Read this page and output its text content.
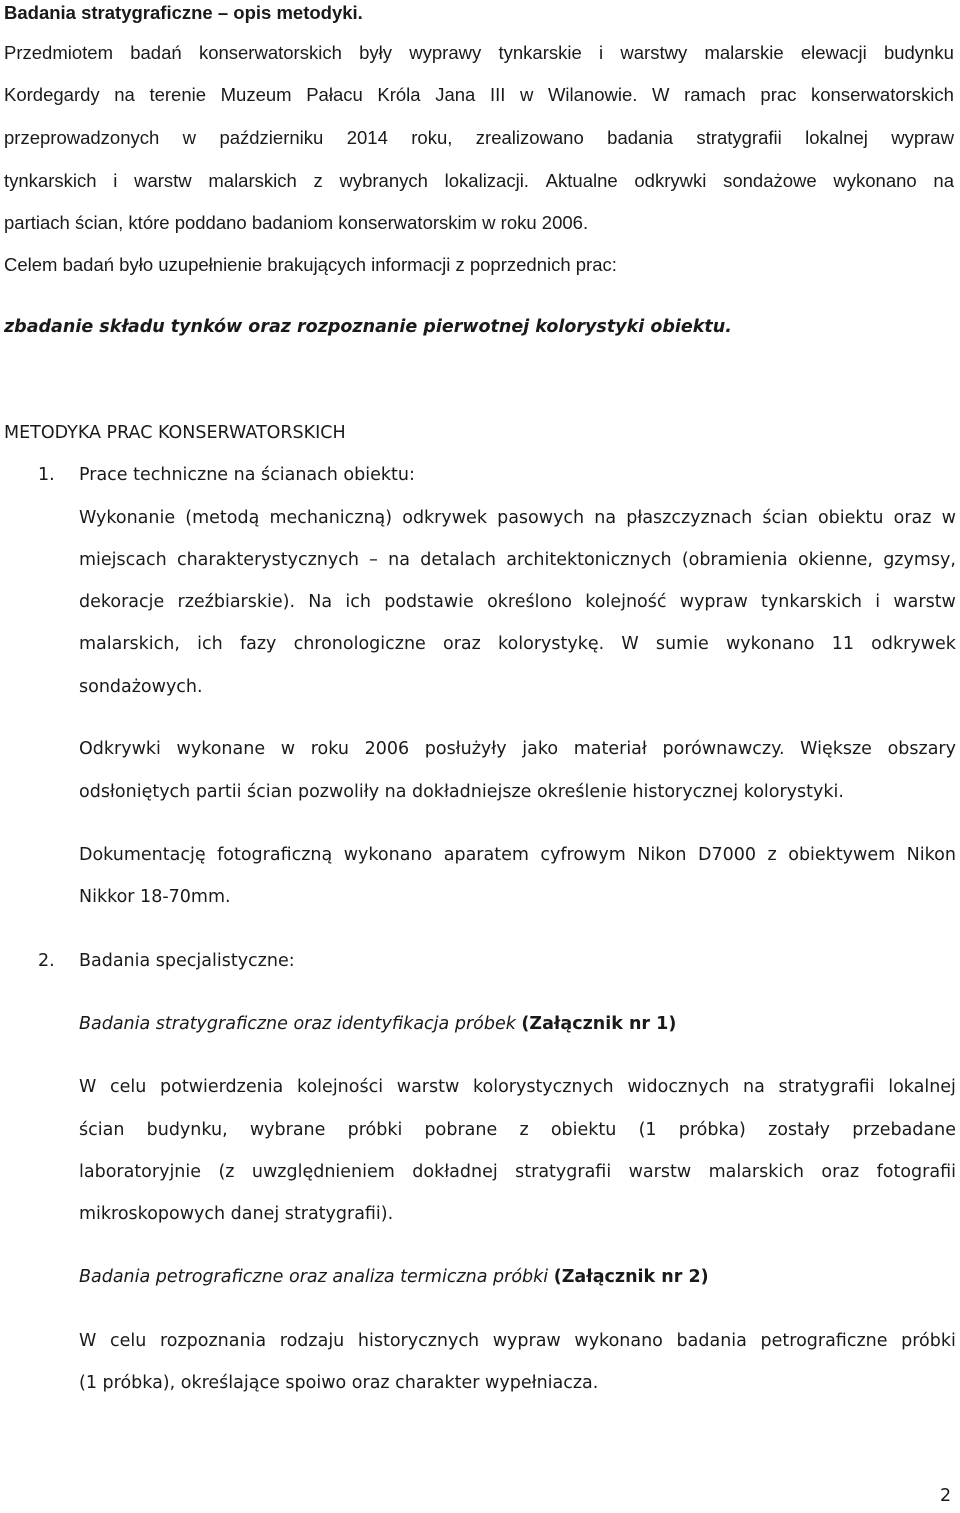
Badania stratygraficzne – opis metodyki.
Przedmiotem badań konserwatorskich były wyprawy tynkarskie i warstwy malarskie elewacji budynku
Kordegardy na terenie Muzeum Pałacu Króla Jana III w Wilanowie. W ramach prac konserwatorskich
przeprowadzonych w październiku 2014 roku, zrealizowano badania stratygrafii lokalnej wypraw
tynkarskich i warstw malarskich z wybranych lokalizacji. Aktualne odkrywki sondażowe wykonano na
partiach ścian, które poddano badaniom konserwatorskim w roku 2006.
Celem badań było uzupełnienie brakujących informacji z poprzednich prac:
zbadanie składu tynków oraz rozpoznanie pierwotnej kolorystyki obiektu.
METODYKA PRAC KONSERWATORSKICH
1. Prace techniczne na ścianach obiektu:
Wykonanie (metodą mechaniczną) odkrywek pasowych na płaszczyznach ścian obiektu oraz w
miejscach charakterystycznych – na detalach architektonicznych (obramienia okienne, gzymsy,
dekoracje rzeźbiarskie). Na ich podstawie określono kolejność wypraw tynkarskich i warstw
malarskich, ich fazy chronologiczne oraz kolorystykę. W sumie wykonano 11 odkrywek
sondażowych.
Odkrywki wykonane w roku 2006 posłużyły jako materiał porównawczy. Większe obszary
odsłoniętych partii ścian pozwoliły na dokładniejsze określenie historycznej kolorystyki.
Dokumentację fotograficzną wykonano aparatem cyfrowym Nikon D7000 z obiektywem Nikon
Nikkor 18-70mm.
2. Badania specjalistyczne:
Badania stratygraficzne oraz identyfikacja próbek (Załącznik nr 1)
W celu potwierdzenia kolejności warstw kolorystycznych widocznych na stratygrafii lokalnej
ścian budynku, wybrane próbki pobrane z obiektu (1 próbka) zostały przebadane
laboratoryjnie (z uwzględnieniem dokładnej stratygrafii warstw malarskich oraz fotografii
mikroskopowych danej stratygrafii).
Badania petrograficzne oraz analiza termiczna próbki (Załącznik nr 2)
W celu rozpoznania rodzaju historycznych wypraw wykonano badania petrograficzne próbki
(1 próbka), określające spoiwo oraz charakter wypełniacza.
2
